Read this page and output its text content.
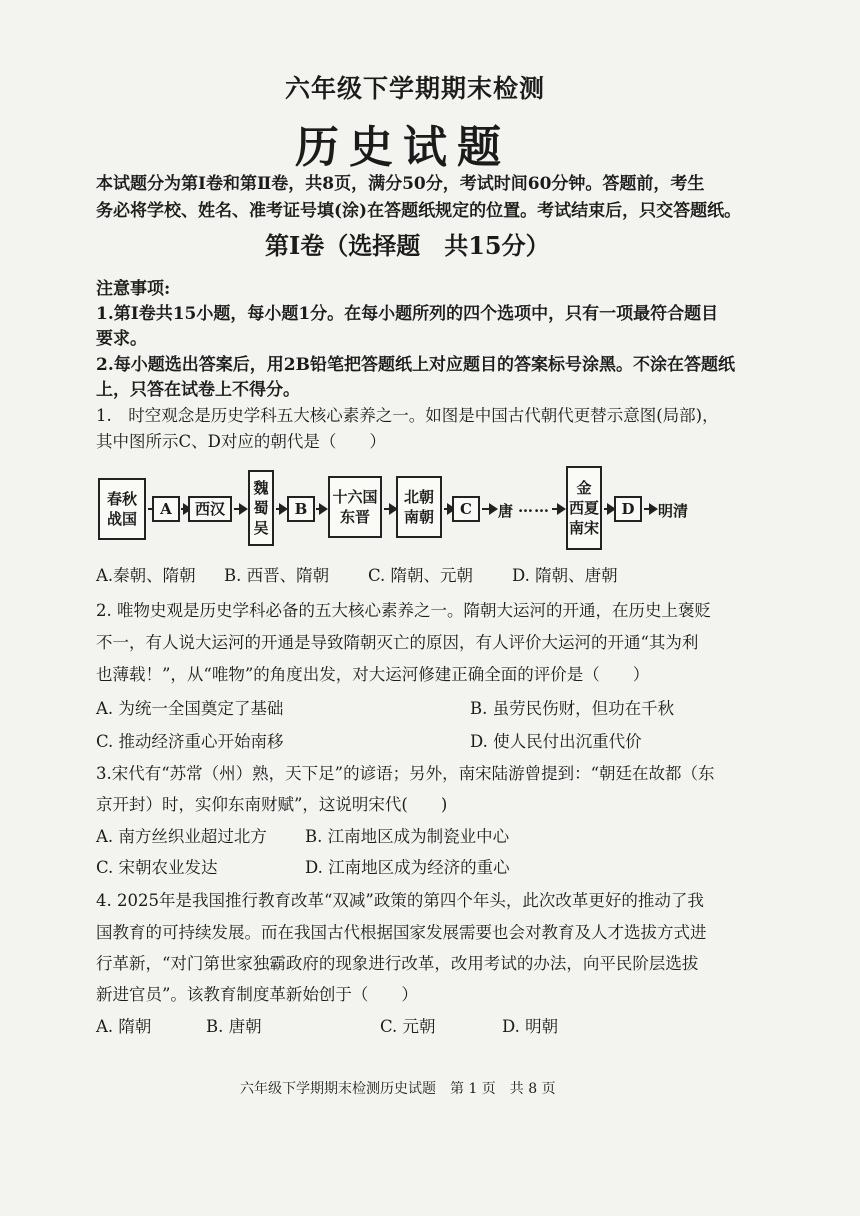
六年级下学期期末检测
历史试题
本试题分为第Ⅰ卷和第Ⅱ卷，共8页，满分50分，考试时间60分钟。答题前，考生
务必将学校、姓名、准考证号填(涂)在答题纸规定的位置。考试结束后，只交答题纸。
第Ⅰ卷（选择题　共15分）
注意事项:
1.第Ⅰ卷共15小题，每小题1分。在每小题所列的四个选项中，只有一项最符合题目
要求。
2.每小题选出答案后，用2B铅笔把答题纸上对应题目的答案标号涂黑。不涂在答题纸
上，只答在试卷上不得分。
1.　时空观念是历史学科五大核心素养之一。如图是中国古代朝代更替示意图(局部)，
其中图所示C、D对应的朝代是（　　）
春秋
战国
A 西汉
魏
蜀
吴
B
十六国
东晋
北朝
南朝 C 唐 ……
金
西夏
南宋
D 明清
A.秦朝、隋朝 B. 西晋、隋朝 C. 隋朝、元朝 D. 隋朝、唐朝
2. 唯物史观是历史学科必备的五大核心素养之一。隋朝大运河的开通，在历史上褒贬
不一，有人说大运河的开通是导致隋朝灭亡的原因，有人评价大运河的开通“其为利
也薄载！”，从“唯物”的角度出发，对大运河修建正确全面的评价是（　　）
A. 为统一全国奠定了基础	B. 虽劳民伤财，但功在千秋
C. 推动经济重心开始南移	D. 使人民付出沉重代价
3.宋代有“苏常（州）熟，天下足”的谚语；另外，南宋陆游曾提到：“朝廷在故都（东
京开封）时，实仰东南财赋”，这说明宋代(　　)
A. 南方丝织业超过北方 B. 江南地区成为制瓷业中心
C. 宋朝农业发达	D. 江南地区成为经济的重心
4. 2025年是我国推行教育改革“双减”政策的第四个年头，此次改革更好的推动了我
国教育的可持续发展。而在我国古代根据国家发展需要也会对教育及人才选拔方式进
行革新，“对门第世家独霸政府的现象进行改革，改用考试的办法，向平民阶层选拔
新进官员”。该教育制度革新始创于（　　）
A. 隋朝	B. 唐朝	C. 元朝	D. 明朝
六年级下学期期末检测历史试题　第 1 页　共 8 页
